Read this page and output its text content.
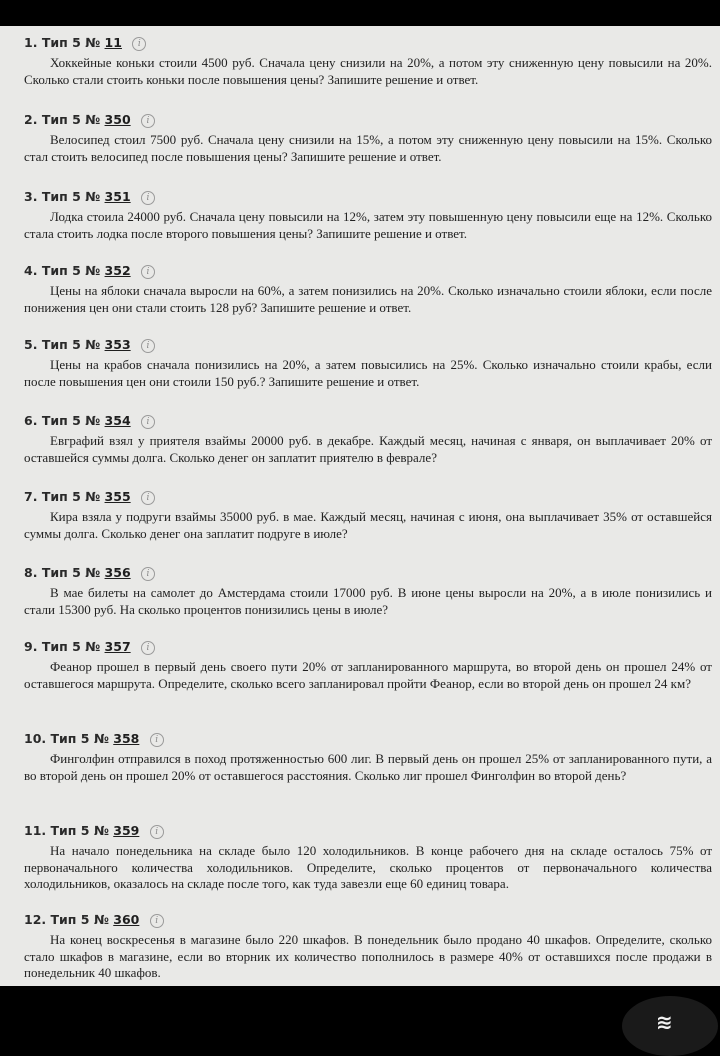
1. Тип 5 № 11 i
Хоккейные коньки стоили 4500 руб. Сначала цену снизили на 20%, а потом эту сниженную цену повысили на 20%. Сколько стали стоить коньки после повышения цены? Запишите решение и ответ.
2. Тип 5 № 350 i
Велосипед стоил 7500 руб. Сначала цену снизили на 15%, а потом эту сниженную цену повысили на 15%. Сколько стал стоить велосипед после повышения цены? Запишите решение и ответ.
3. Тип 5 № 351 i
Лодка стоила 24000 руб. Сначала цену повысили на 12%, затем эту повышенную цену повысили еще на 12%. Сколько стала стоить лодка после второго повышения цены? Запишите решение и ответ.
4. Тип 5 № 352 i
Цены на яблоки сначала выросли на 60%, а затем понизились на 20%. Сколько изначально стоили яблоки, если после понижения цен они стали стоить 128 руб? Запишите решение и ответ.
5. Тип 5 № 353 i
Цены на крабов сначала понизились на 20%, а затем повысились на 25%. Сколько изначально стоили крабы, если после повышения цен они стоили 150 руб.? Запишите решение и ответ.
6. Тип 5 № 354 i
Евграфий взял у приятеля взаймы 20000 руб. в декабре. Каждый месяц, начиная с января, он выплачивает 20% от оставшейся суммы долга. Сколько денег он заплатит приятелю в феврале?
7. Тип 5 № 355 i
Кира взяла у подруги взаймы 35000 руб. в мае. Каждый месяц, начиная с июня, она выплачивает 35% от оставшейся суммы долга. Сколько денег она заплатит подруге в июле?
8. Тип 5 № 356 i
В мае билеты на самолет до Амстердама стоили 17000 руб. В июне цены выросли на 20%, а в июле понизились и стали 15300 руб. На сколько процентов понизились цены в июле?
9. Тип 5 № 357 i
Феанор прошел в первый день своего пути 20% от запланированного маршрута, во второй день он прошел 24% от оставшегося маршрута. Определите, сколько всего запланировал пройти Феанор, если во второй день он прошел 24 км?
10. Тип 5 № 358 i
Финголфин отправился в поход протяженностью 600 лиг. В первый день он прошел 25% от запланированного пути, а во второй день он прошел 20% от оставшегося расстояния. Сколько лиг прошел Финголфин во второй день?
11. Тип 5 № 359 i
На начало понедельника на складе было 120 холодильников. В конце рабочего дня на складе осталось 75% от первоначального количества холодильников. Определите, сколько процентов от первоначального количества холодильников, оказалось на складе после того, как туда завезли еще 60 единиц товара.
12. Тип 5 № 360 i
На конец воскресенья в магазине было 220 шкафов. В понедельник было продано 40 шкафов. Определите, сколько стало шкафов в магазине, если во вторник их количество пополнилось в размере 40% от оставшихся после продажи в понедельник 40 шкафов.
≋
